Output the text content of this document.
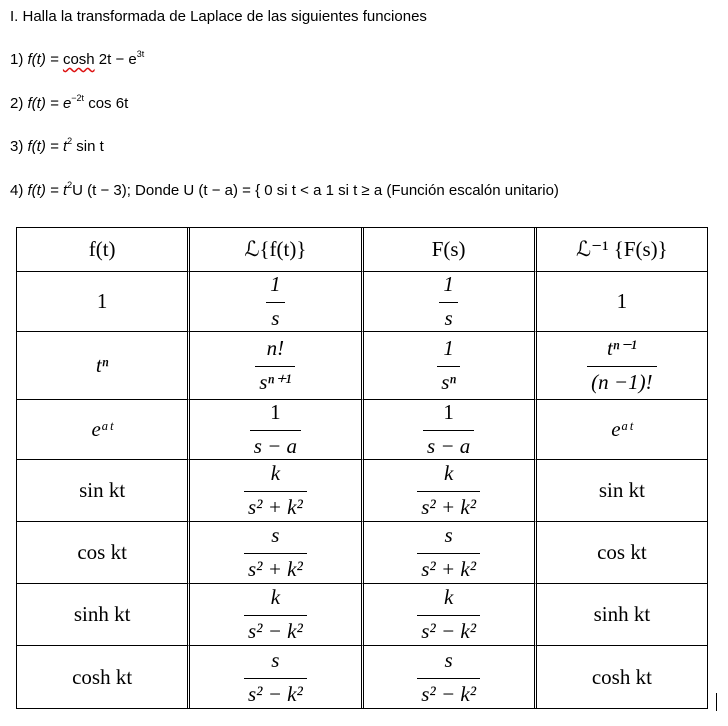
I. Halla la transformada de Laplace de las siguientes funciones
1) $f(t) = \cosh 2t - e^{3t}$
2) $f(t) = e^{-2t}$ cos 6t
3) $f(t) = t^2$ sin t
4) $f(t) = t^2U$ (t − 3); Donde U (t − a) = { 0 si t < a 1 si t ≥ a (Función escalón unitario)
f(t)	ℒ{f(t)}	F(s)	ℒ⁻¹ {F(s)}
1	$\frac{1}{s}$	$\frac{1}{s}$	1
tⁿ	$\frac{n!}{\text{sⁿ⁺¹}}$	$\frac{1}{\text{sⁿ}}$	$\frac{\text{tⁿ⁻¹}}{(n -1)!}$

eᵃᵗ	$\frac{1}{s - a}$	$\frac{1}{s - a}$	eᵃᵗ
sin kt	$\frac{k}{\text{s² + k²}}$	$\frac{k}{\text{s² + k²}}$	sin kt
cos kt	$\frac{s}{\text{s² + k²}}$	$\frac{s}{\text{s² + k²}}$	cos kt
sinh kt	$\frac{k}{\text{s² − k²}}$	$\frac{k}{\text{s² − k²}}$	sinh kt
cosh kt	$\frac{s}{\text{s² − k²}}$	$\frac{s}{\text{s² − k²}}$	cosh kt
